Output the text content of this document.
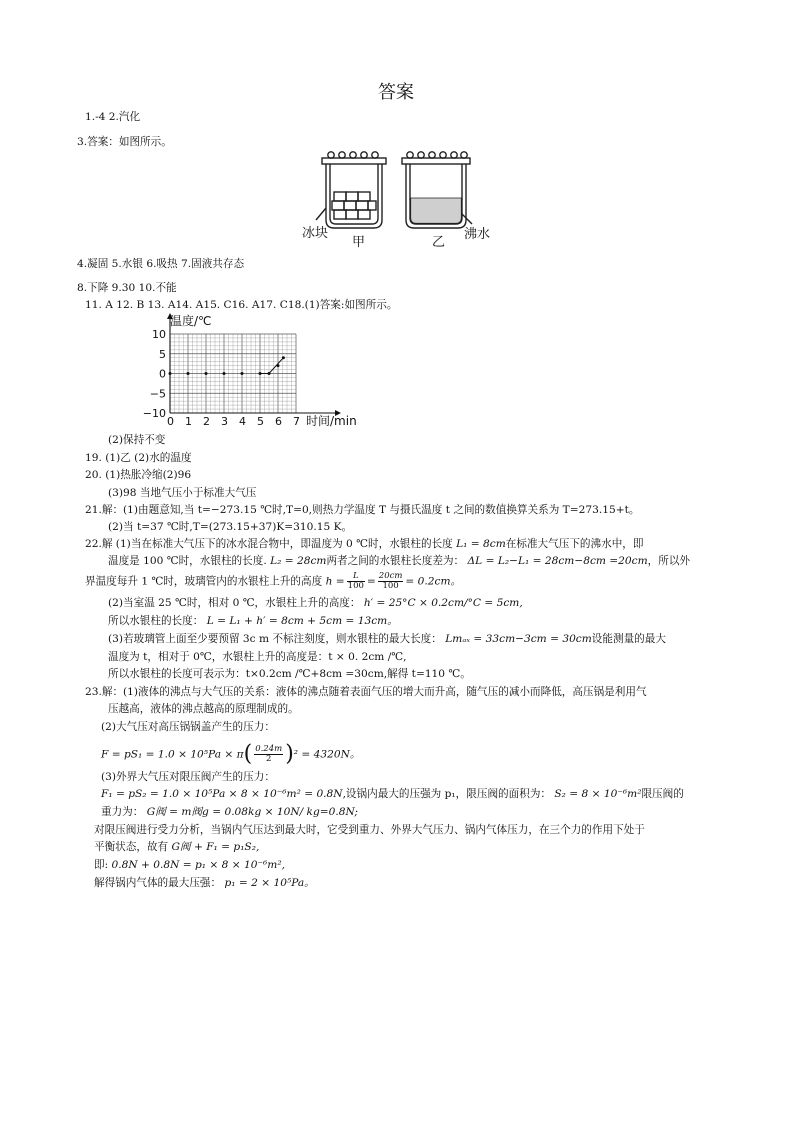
答案
1.-4 2.汽化
3.答案：如图所示。
冰块
甲	乙
沸水
4.凝固 5.水银 6.吸热 7.固液共存态
8.下降 9.30 10.不能
11. A 12. B 13. A14. A15. C16. A17. C18.(1)答案:如图所示。
0 1 2 3 4 5 6 7
10
5
0
−5
−10
温度/℃
时间/min
(2)保持不变
19. (1)乙 (2)水的温度
20. (1)热胀冷缩(2)96
(3)98 当地气压小于标准大气压
21.解：(1)由题意知,当 t=−273.15 ℃时,T=0,则热力学温度 T 与摄氏温度 t 之间的数值换算关系为 T=273.15+t。
(2)当 t=37 ℃时,T=(273.15+37)K=310.15 K。
22.解 (1)当在标准大气压下的冰水混合物中，即温度为 0 ℃时，水银柱的长度 L₁ = 8cm在标准大气压下的沸水中，即
温度是 100 ℃时，水银柱的长度. L₂ = 28cm两者之间的水银柱长度差为： ΔL = L₂−L₁ = 28cm−8cm =20cm，所以外
界温度每升 1 ℃时，玻璃管内的水银柱上升的高度 $h = \frac{L}{100} = \frac{20cm}{100} = 0.2cm$。
(2)当室温 25 ℃时，相对 0 ℃，水银柱上升的高度： h′ = 25°C × 0.2cm/°C = 5cm,
所以水银柱的长度： L = L₁ + h′ = 8cm + 5cm = 13cm。
(3)若玻璃管上面至少要预留 3c m 不标注刻度，则水银柱的最大长度： Lmₐₓ = 33cm−3cm = 30cm设能测量的最大
温度为 t，相对于 0℃，水银柱上升的高度是：t × 0. 2cm /℃,
所以水银柱的长度可表示为：t×0.2cm /℃+8cm =30cm,解得 t=110 ℃。
23.解：(1)液体的沸点与大气压的关系：液体的沸点随着表面气压的增大而升高，随气压的减小而降低，高压锅是利用气
压越高，液体的沸点越高的原理制成的。
(2)大气压对高压锅锅盖产生的压力：
$F = pS_1 = 1.0 \times 10^5Pa \times \pi( \frac{0.24m}{2} )^2 = 4320N$。
(3)外界大气压对限压阀产生的压力：
F₁ = pS₂ = 1.0 × 10⁵Pa × 8 × 10⁻⁶m² = 0.8N,设锅内最大的压强为 p₁，限压阀的面积为： S₂ = 8 × 10⁻⁶m²限压阀的
重力为： G阀 = m阀g = 0.08kg × 10N/ kg=0.8N;
对限压阀进行受力分析，当锅内气压达到最大时，它受到重力、外界大气压力、锅内气体压力，在三个力的作用下处于
平衡状态，故有 G阀 + F₁ = p₁S₂,
即: 0.8N + 0.8N = p₁ × 8 × 10⁻⁶m²,
解得锅内气体的最大压强： p₁ = 2 × 10⁵Pa。
